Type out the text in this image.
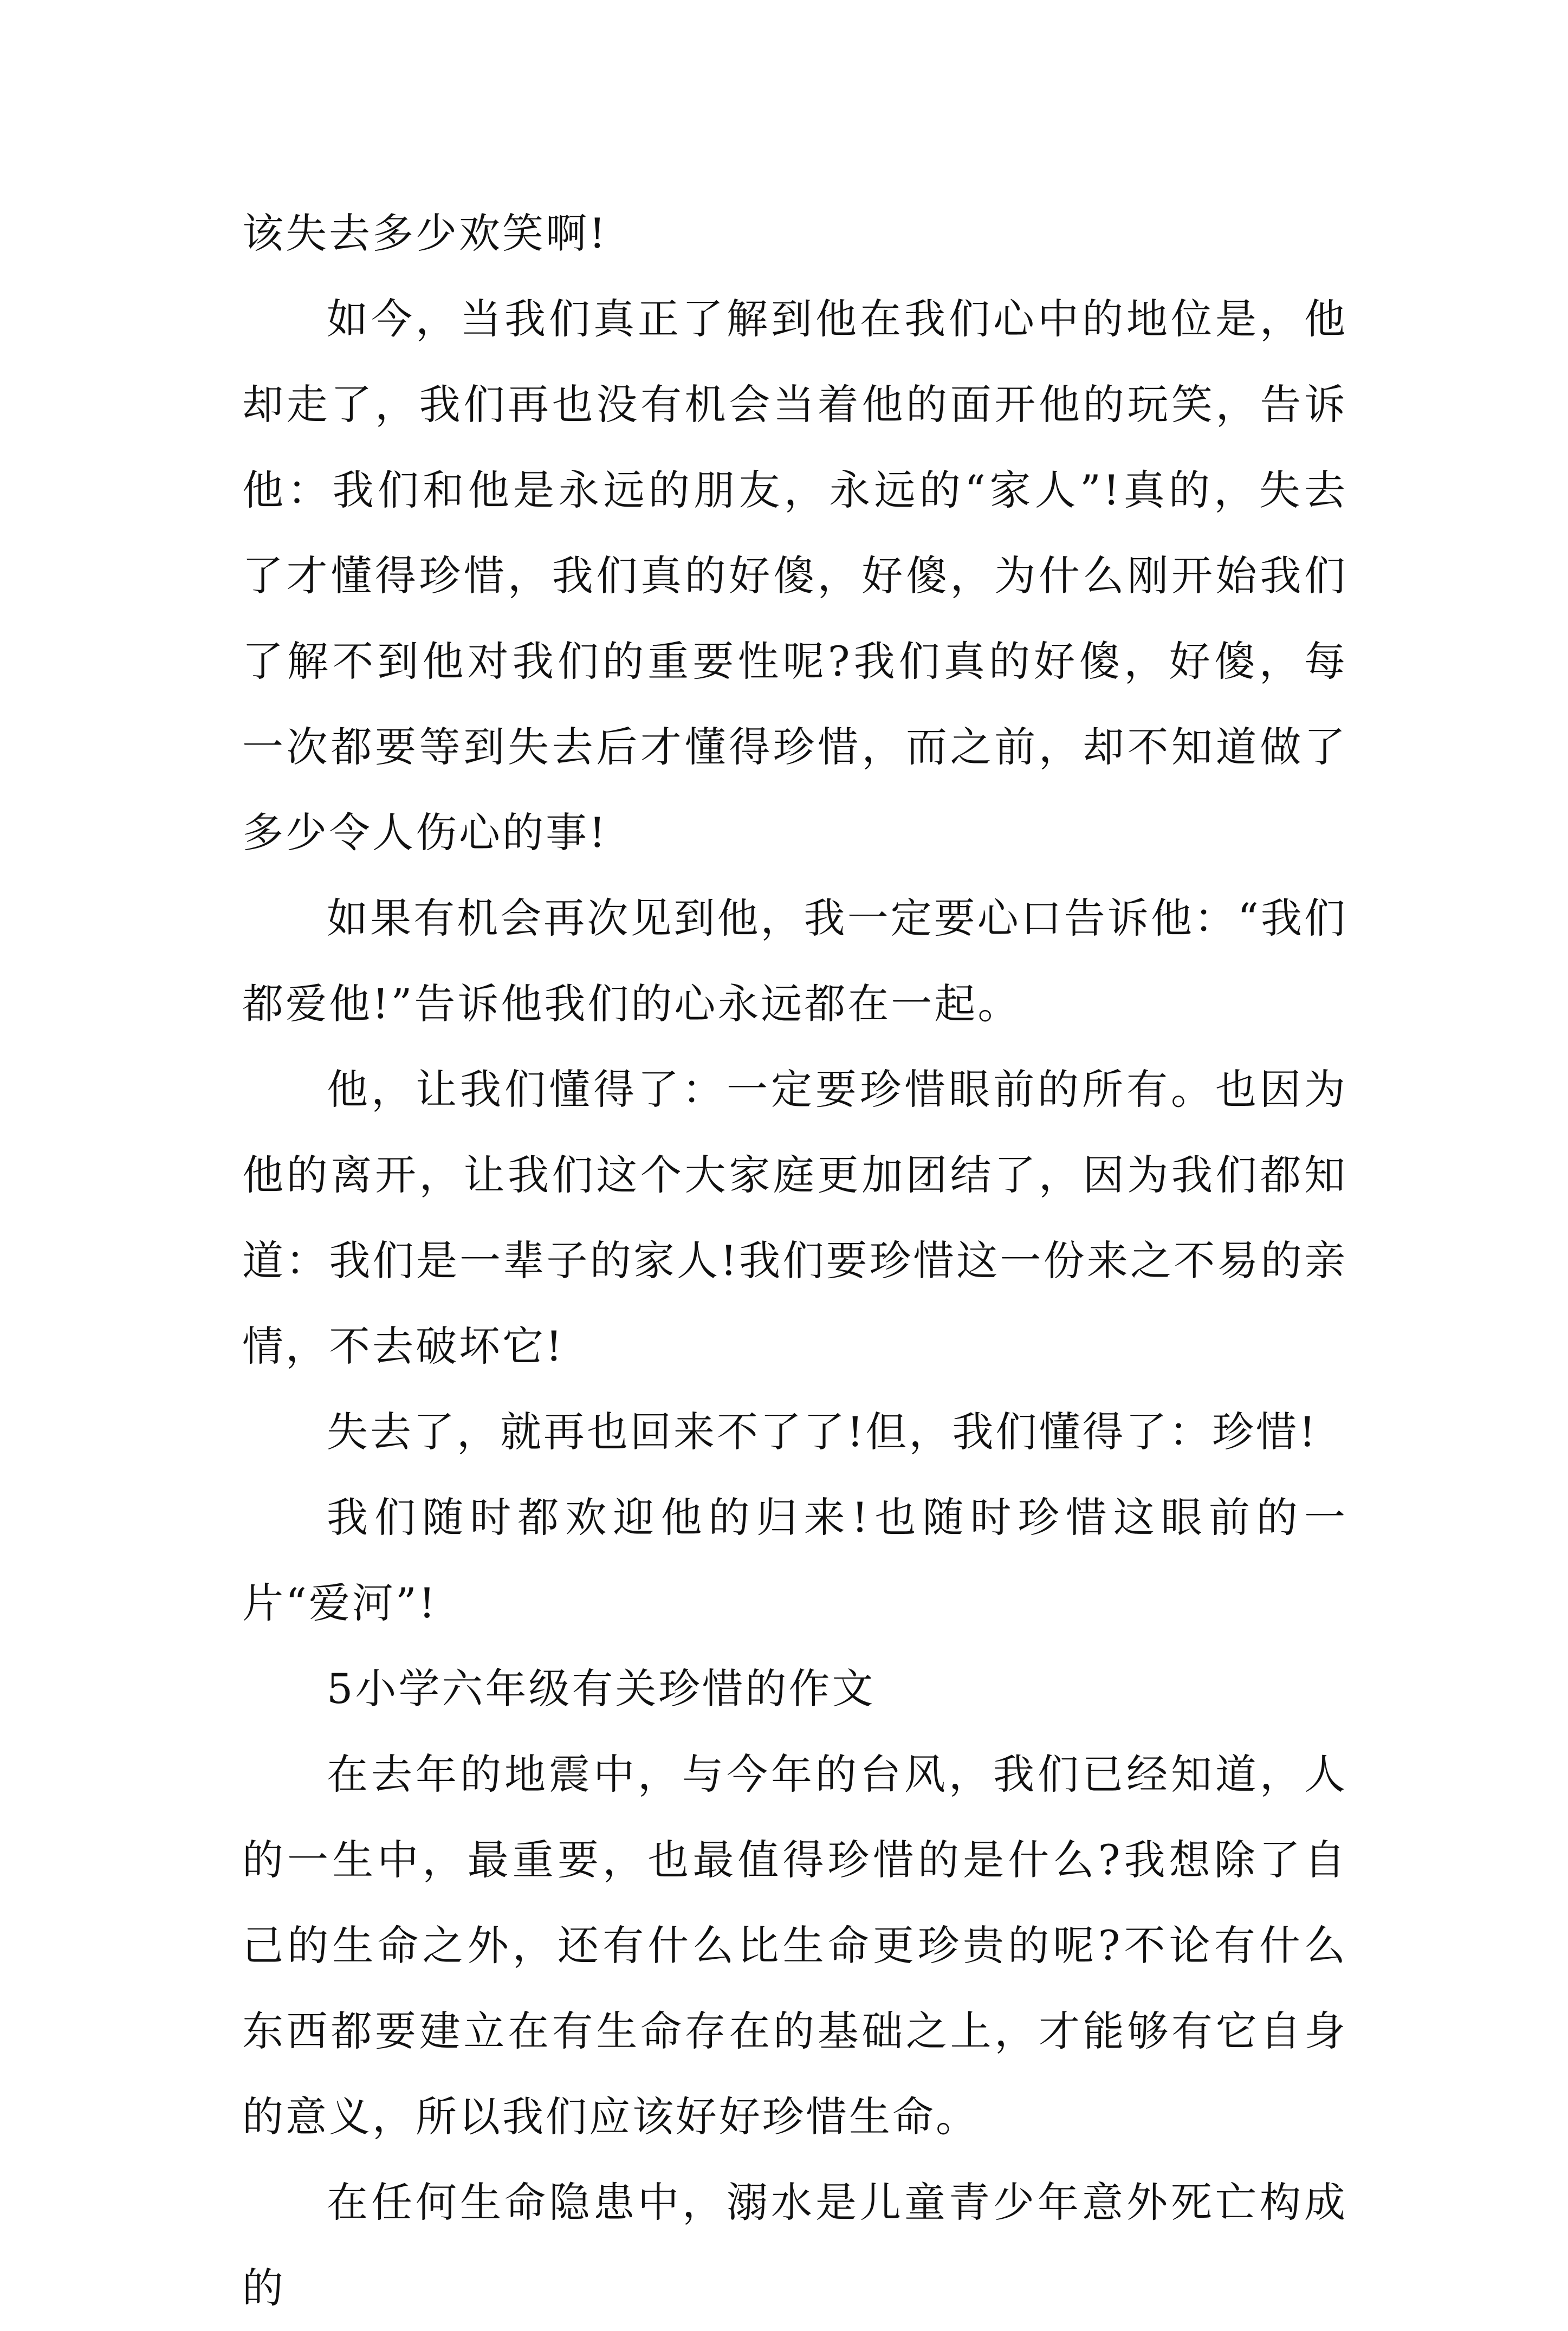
该失去多少欢笑啊!

如今，当我们真正了解到他在我们心中的地位是，他却走了，我们再也没有机会当着他的面开他的玩笑，告诉他：我们和他是永远的朋友，永远的“家人”!真的，失去了才懂得珍惜，我们真的好傻，好傻，为什么刚开始我们了解不到他对我们的重要性呢?我们真的好傻，好傻，每一次都要等到失去后才懂得珍惜，而之前，却不知道做了多少令人伤心的事!

如果有机会再次见到他，我一定要心口告诉他：“我们都爱他!”告诉他我们的心永远都在一起。

他，让我们懂得了：一定要珍惜眼前的所有。也因为他的离开，让我们这个大家庭更加团结了，因为我们都知道：我们是一辈子的家人!我们要珍惜这一份来之不易的亲情，不去破坏它!

失去了，就再也回来不了了!但，我们懂得了：珍惜!

我们随时都欢迎他的归来!也随时珍惜这眼前的一片“爱河”!

5小学六年级有关珍惜的作文

在去年的地震中，与今年的台风，我们已经知道，人的一生中，最重要，也最值得珍惜的是什么?我想除了自己的生命之外，还有什么比生命更珍贵的呢?不论有什么东西都要建立在有生命存在的基础之上，才能够有它自身的意义，所以我们应该好好珍惜生命。

在任何生命隐患中，溺水是儿童青少年意外死亡构成的
